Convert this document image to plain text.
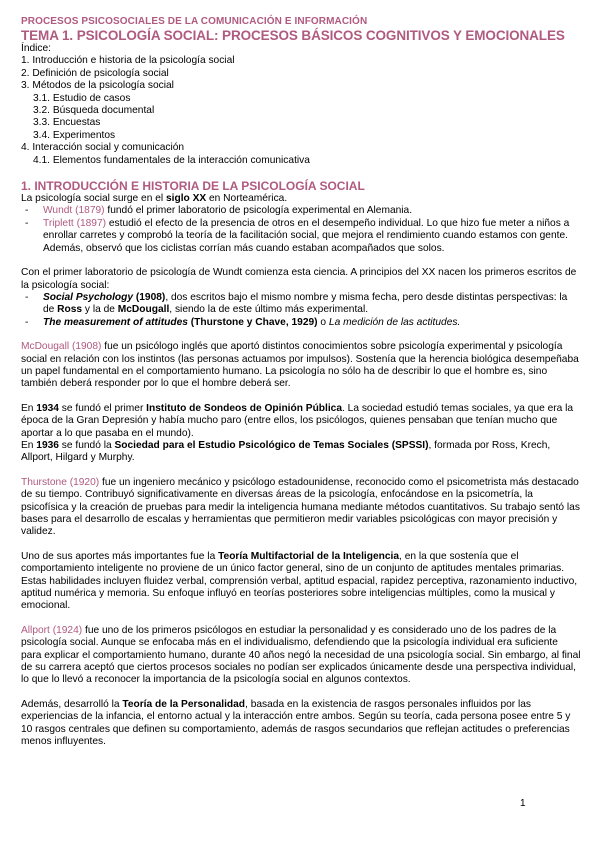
PROCESOS PSICOSOCIALES DE LA COMUNICACIÓN E INFORMACIÓN
TEMA 1. PSICOLOGÍA SOCIAL: PROCESOS BÁSICOS COGNITIVOS Y EMOCIONALES
Índice:
1. Introducción e historia de la psicología social
2. Definición de psicología social
3. Métodos de la psicología social
3.1. Estudio de casos
3.2. Búsqueda documental
3.3. Encuestas
3.4. Experimentos
4. Interacción social y comunicación
4.1. Elementos fundamentales de la interacción comunicativa
1. INTRODUCCIÓN E HISTORIA DE LA PSICOLOGÍA SOCIAL

La psicología social surge en el siglo XX en Norteamérica.

- Wundt (1879) fundó el primer laboratorio de psicología experimental en Alemania.
- Triplett (1897) estudió el efecto de la presencia de otros en el desempeño individual. Lo que hizo fue meter a niños a enrollar carretes y comprobó la teoría de la facilitación social, que mejora el rendimiento cuando estamos con gente. Además, observó que los ciclistas corrían más cuando estaban acompañados que solos.

Con el primer laboratorio de psicología de Wundt comienza esta ciencia. A principios del XX nacen los primeros escritos de la psicología social:

- Social Psychology (1908), dos escritos bajo el mismo nombre y misma fecha, pero desde distintas perspectivas: la de Ross y la de McDougall, siendo la de este último más experimental.
- The measurement of attitudes (Thurstone y Chave, 1929) o La medición de las actitudes.

McDougall (1908) fue un psicólogo inglés que aportó distintos conocimientos sobre psicología experimental y psicología social en relación con los instintos (las personas actuamos por impulsos). Sostenía que la herencia biológica desempeñaba un papel fundamental en el comportamiento humano. La psicología no sólo ha de describir lo que el hombre es, sino también deberá responder por lo que el hombre deberá ser.

En 1934 se fundó el primer Instituto de Sondeos de Opinión Pública. La sociedad estudió temas sociales, ya que era la época de la Gran Depresión y había mucho paro (entre ellos, los psicólogos, quienes pensaban que tenían mucho que aportar a lo que pasaba en el mundo).

En 1936 se fundó la Sociedad para el Estudio Psicológico de Temas Sociales (SPSSI), formada por Ross, Krech, Allport, Hilgard y Murphy.

Thurstone (1920) fue un ingeniero mecánico y psicólogo estadounidense, reconocido como el psicometrista más destacado de su tiempo. Contribuyó significativamente en diversas áreas de la psicología, enfocándose en la psicometría, la psicofísica y la creación de pruebas para medir la inteligencia humana mediante métodos cuantitativos. Su trabajo sentó las bases para el desarrollo de escalas y herramientas que permitieron medir variables psicológicas con mayor precisión y validez.

Uno de sus aportes más importantes fue la Teoría Multifactorial de la Inteligencia, en la que sostenía que el comportamiento inteligente no proviene de un único factor general, sino de un conjunto de aptitudes mentales primarias. Estas habilidades incluyen fluidez verbal, comprensión verbal, aptitud espacial, rapidez perceptiva, razonamiento inductivo, aptitud numérica y memoria. Su enfoque influyó en teorías posteriores sobre inteligencias múltiples, como la musical y emocional.

Allport (1924) fue uno de los primeros psicólogos en estudiar la personalidad y es considerado uno de los padres de la psicología social. Aunque se enfocaba más en el individualismo, defendiendo que la psicología individual era suficiente para explicar el comportamiento humano, durante 40 años negó la necesidad de una psicología social. Sin embargo, al final de su carrera aceptó que ciertos procesos sociales no podían ser explicados únicamente desde una perspectiva individual, lo que lo llevó a reconocer la importancia de la psicología social en algunos contextos.

Además, desarrolló la Teoría de la Personalidad, basada en la existencia de rasgos personales influidos por las experiencias de la infancia, el entorno actual y la interacción entre ambos. Según su teoría, cada persona posee entre 5 y 10 rasgos centrales que definen su comportamiento, además de rasgos secundarios que reflejan actitudes o preferencias menos influyentes.

1
